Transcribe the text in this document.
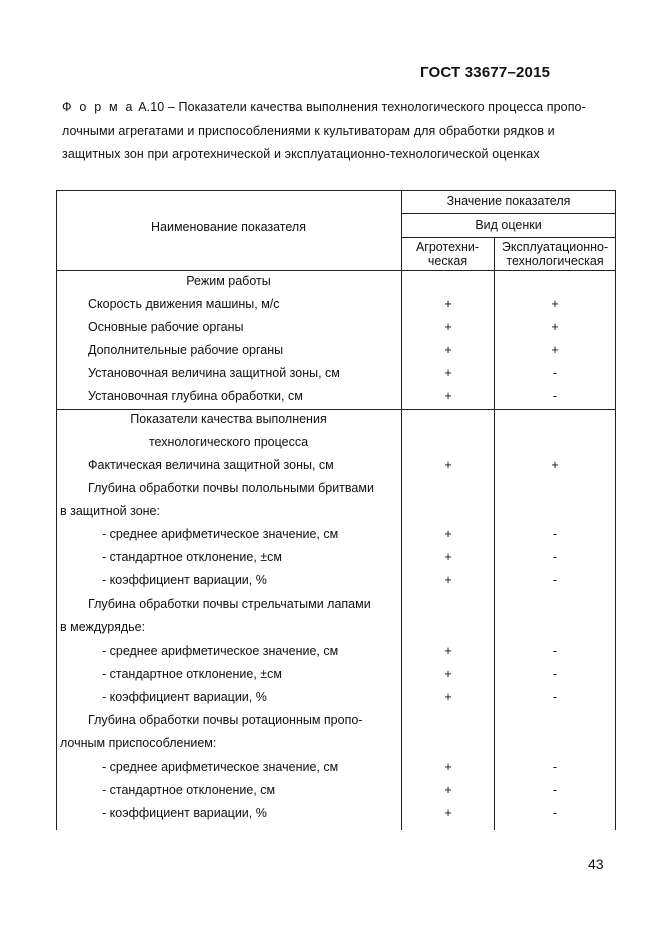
ГОСТ 33677–2015
Ф о р м а А.10 – Показатели качества выполнения технологического процесса пропо-
лочными агрегатами и приспособлениями к культиваторам для обработки рядков и
защитных зон при агротехнической и эксплуатационно-технологической оценках
Наименование показателя
Значение показателя
Вид оценки
Агротехни-
ческая
Эксплуатационно-
технологическая
Режим работы
Скорость движения машины, м/с	+	+
Основные рабочие органы	+	+
Дополнительные рабочие органы	+	+
Установочная величина защитной зоны, см	+	-
Установочная глубина обработки, см	+	-
Показатели качества выполнения
технологического процесса
Фактическая величина защитной зоны, см	+	+
Глубина обработки почвы полольными бритвами
в защитной зоне:
- среднее арифметическое значение, см	+	-
- стандартное отклонение, ±см	+	-
- коэффициент вариации, %	+	-
Глубина обработки почвы стрельчатыми лапами
в междурядье:
- среднее арифметическое значение, см	+	-
- стандартное отклонение, ±см	+	-
- коэффициент вариации, %	+	-
Глубина обработки почвы ротационным пропо-
лочным приспособлением:
- среднее арифметическое значение, см	+	-
- стандартное отклонение, см	+	-
- коэффициент вариации, %	+	-
43
